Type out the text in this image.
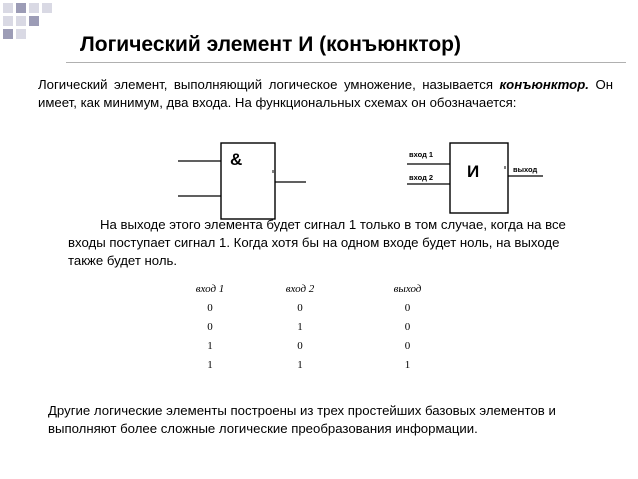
Логический элемент И (конъюнктор)

Логический элемент, выполняющий логическое умножение, называется конъюнктор. Он имеет, как минимум, два входа. На функциональных схемах он обозначается:

&	вход 1
вход 2 И	выход

На выходе этого элемента будет сигнал 1 только в том случае, когда на все входы поступает сигнал 1. Когда хотя бы на одном входе будет ноль, на выходе также будет ноль.

вход 1	вход 2	выход
0	0	0
0	1	0
1	0	0
1	1	1

Другие логические элементы построены из трех простейших базовых элементов и выполняют более сложные логические преобразования информации.
